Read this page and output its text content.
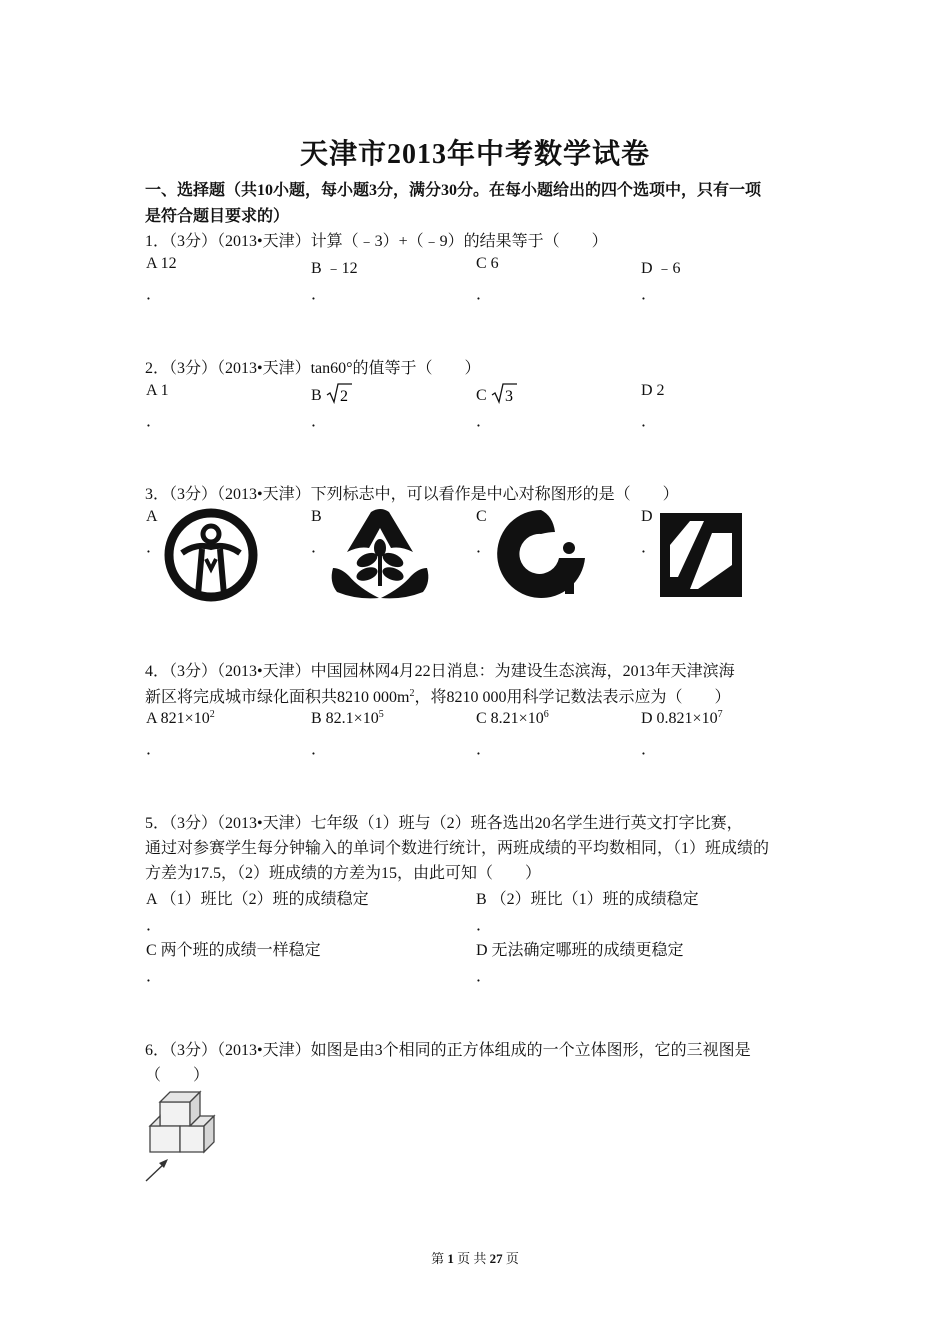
天津市2013年中考数学试卷
一、选择题（共10小题，每小题3分，满分30分。在每小题给出的四个选项中，只有一项
是符合题目要求的）
1．（3分）（2013•天津）计算（﹣3）+（﹣9）的结果等于（　　）
A 12	B ﹣12	C 6	D ﹣6
．	．	．	．
2．（3分）（2013•天津）tan60°的值等于（　　）
A 1	B 2	C 3	D 2
．	．	．	．
3．（3分）（2013•天津）下列标志中，可以看作是中心对称图形的是（　　）
A	B	C	D
．	．	．	．
4．（3分）（2013•天津）中国园林网4月22日消息：为建设生态滨海，2013年天津滨海
新区将完成城市绿化面积共8210 $000m^2$，将8210 000用科学记数法表示应为（　　）
A $821\times 10^2$	B $82.1\times 10^5$	C $8.21\times 10^6$	D $0.821\times 10^7$
．	．	．	．
5．（3分）（2013•天津）七年级（1）班与（2）班各选出20名学生进行英文打字比赛，
通过对参赛学生每分钟输入的单词个数进行统计，两班成绩的平均数相同，（1）班成绩的
方差为17.5，（2）班成绩的方差为15，由此可知（　　）
A （1）班比（2）班的成绩稳定	B （2）班比（1）班的成绩稳定
．	．
C 两个班的成绩一样稳定	D 无法确定哪班的成绩更稳定
．	．
6．（3分）（2013•天津）如图是由3个相同的正方体组成的一个立体图形，它的三视图是
（　　）
第 1 页 共 27 页
